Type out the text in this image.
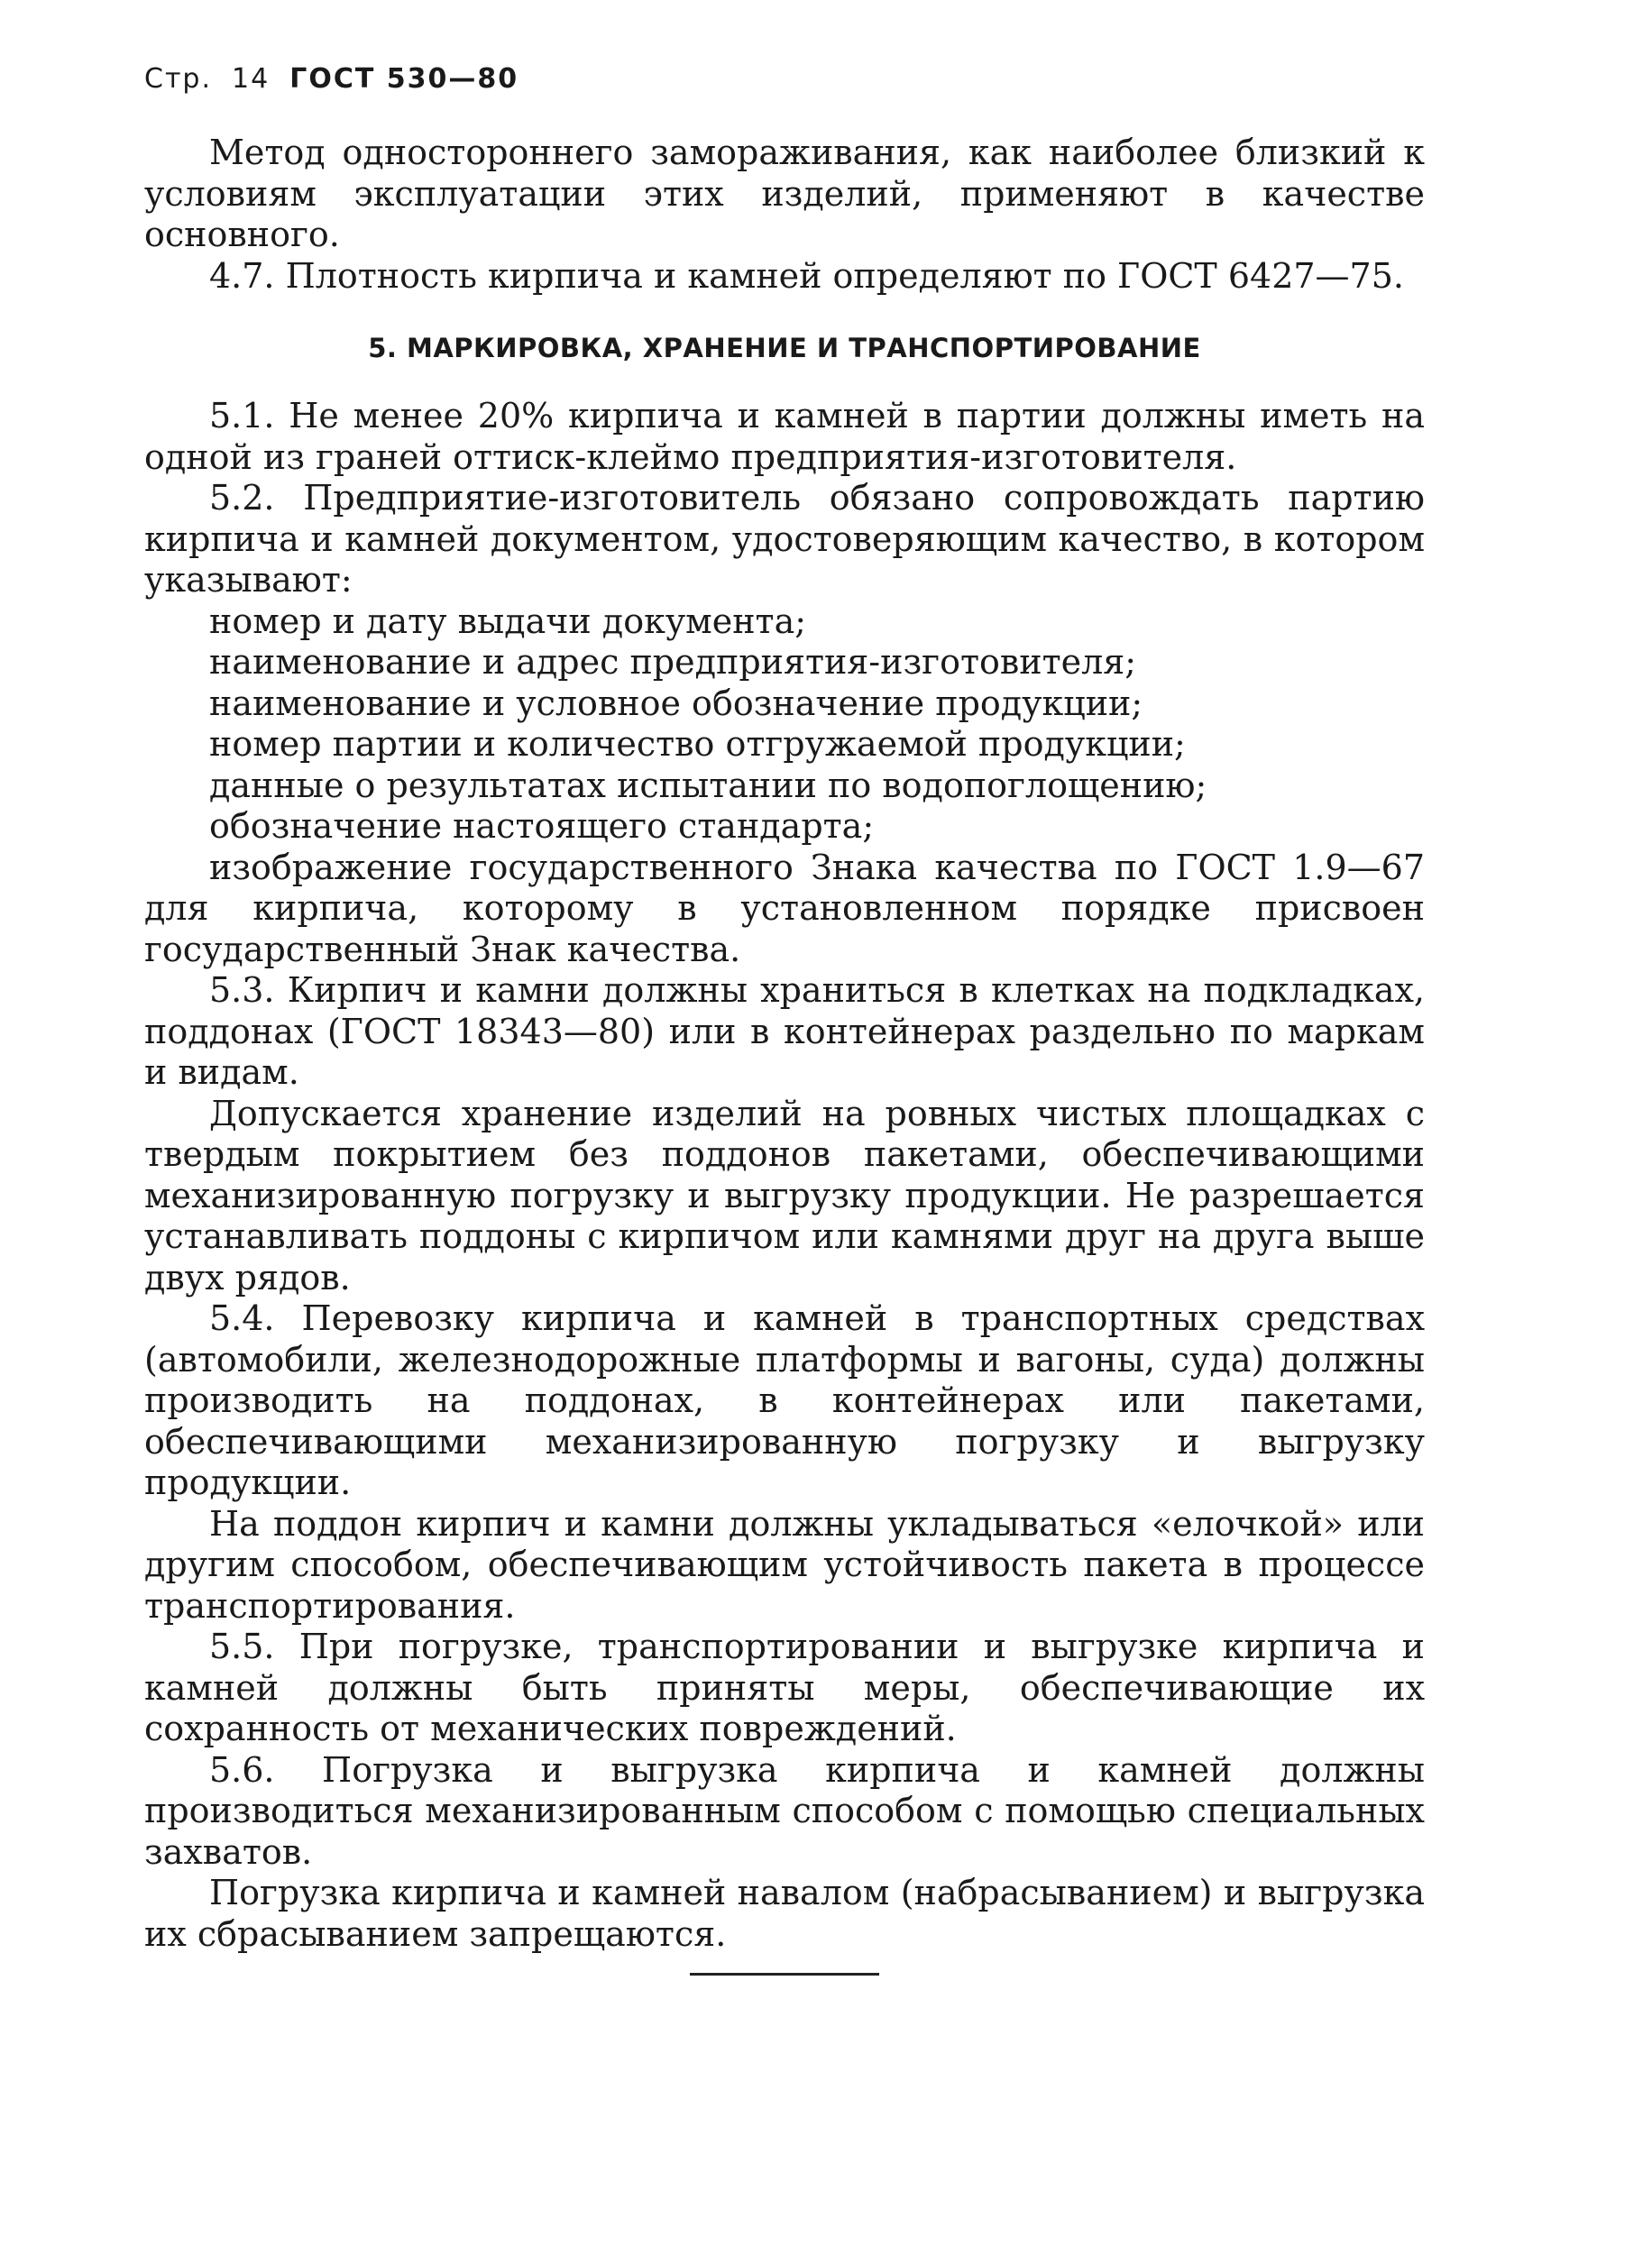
Стр. 14 ГОСТ 530—80

Метод одностороннего замораживания, как наиболее близкий к условиям эксплуатации этих изделий, применяют в качестве основного.

4.7. Плотность кирпича и камней определяют по ГОСТ 6427—75.

5. МАРКИРОВКА, ХРАНЕНИЕ И ТРАНСПОРТИРОВАНИЕ

5.1. Не менее 20% кирпича и камней в партии должны иметь на одной из граней оттиск-клеймо предприятия-изготовителя.

5.2. Предприятие-изготовитель обязано сопровождать партию кирпича и камней документом, удостоверяющим качество, в котором указывают:

номер и дату выдачи документа;

наименование и адрес предприятия-изготовителя;

наименование и условное обозначение продукции;

номер партии и количество отгружаемой продукции;

данные о результатах испытании по водопоглощению;

обозначение настоящего стандарта;

изображение государственного Знака качества по ГОСТ 1.9—67 для кирпича, которому в установленном порядке присвоен государственный Знак качества.

5.3. Кирпич и камни должны храниться в клетках на подкладках, поддонах (ГОСТ 18343—80) или в контейнерах раздельно по маркам и видам.

Допускается хранение изделий на ровных чистых площадках с твердым покрытием без поддонов пакетами, обеспечивающими механизированную погрузку и выгрузку продукции. Не разрешается устанавливать поддоны с кирпичом или камнями друг на друга выше двух рядов.

5.4. Перевозку кирпича и камней в транспортных средствах (автомобили, железнодорожные платформы и вагоны, суда) должны производить на поддонах, в контейнерах или пакетами, обеспечивающими механизированную погрузку и выгрузку продукции.

На поддон кирпич и камни должны укладываться «елочкой» или другим способом, обеспечивающим устойчивость пакета в процессе транспортирования.

5.5. При погрузке, транспортировании и выгрузке кирпича и камней должны быть приняты меры, обеспечивающие их сохранность от механических повреждений.

5.6. Погрузка и выгрузка кирпича и камней должны производиться механизированным способом с помощью специальных захватов.

Погрузка кирпича и камней навалом (набрасыванием) и выгрузка их сбрасыванием запрещаются.
